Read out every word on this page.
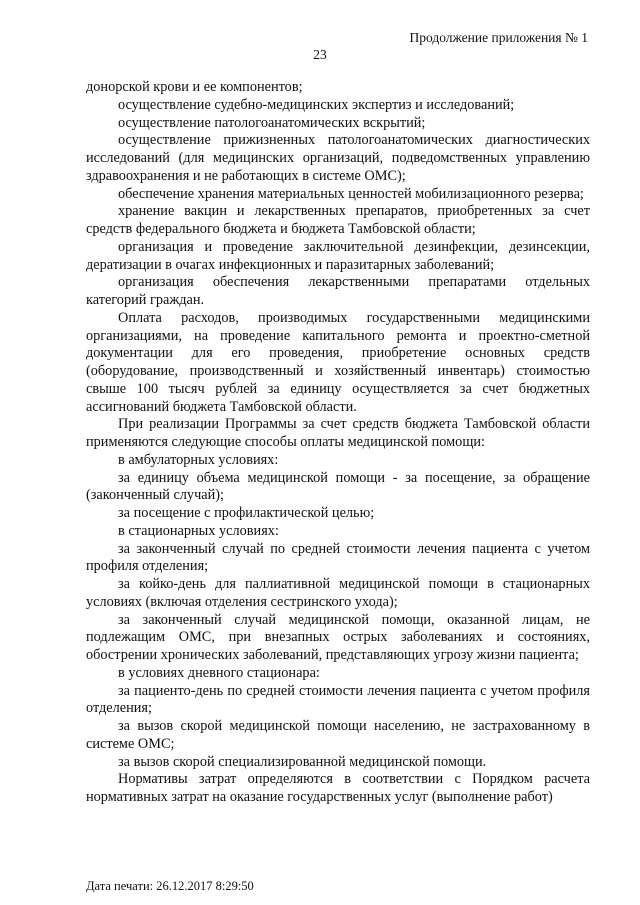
Продолжение приложения № 1
23

донорской крови и ее компонентов;

осуществление судебно-медицинских экспертиз и исследований;

осуществление патологоанатомических вскрытий;

осуществление прижизненных патологоанатомических диагностических исследований (для медицинских организаций, подведомственных управлению здравоохранения и не работающих в системе ОМС);

обеспечение хранения материальных ценностей мобилизационного резерва;

хранение вакцин и лекарственных препаратов, приобретенных за счет средств федерального бюджета и бюджета Тамбовской области;

организация и проведение заключительной дезинфекции, дезинсекции, дератизации в очагах инфекционных и паразитарных заболеваний;

организация обеспечения лекарственными препаратами отдельных категорий граждан.

Оплата расходов, производимых государственными медицинскими организациями, на проведение капитального ремонта и проектно-сметной документации для его проведения, приобретение основных средств (оборудование, производственный и хозяйственный инвентарь) стоимостью свыше 100 тысяч рублей за единицу осуществляется за счет бюджетных ассигнований бюджета Тамбовской области.

При реализации Программы за счет средств бюджета Тамбовской области применяются следующие способы оплаты медицинской помощи:

в амбулаторных условиях:

за единицу объема медицинской помощи - за посещение, за обращение (законченный случай);

за посещение с профилактической целью;

в стационарных условиях:

за законченный случай по средней стоимости лечения пациента с учетом профиля отделения;

за койко-день для паллиативной медицинской помощи в стационарных условиях (включая отделения сестринского ухода);

за законченный случай медицинской помощи, оказанной лицам, не подлежащим ОМС, при внезапных острых заболеваниях и состояниях, обострении хронических заболеваний, представляющих угрозу жизни пациента;

в условиях дневного стационара:

за пациенто-день по средней стоимости лечения пациента с учетом профиля отделения;

за вызов скорой медицинской помощи населению, не застрахованному в системе ОМС;

за вызов скорой специализированной медицинской помощи.

Нормативы затрат определяются в соответствии с Порядком расчета нормативных затрат на оказание государственных услуг (выполнение работ)

Дата печати: 26.12.2017 8:29:50
